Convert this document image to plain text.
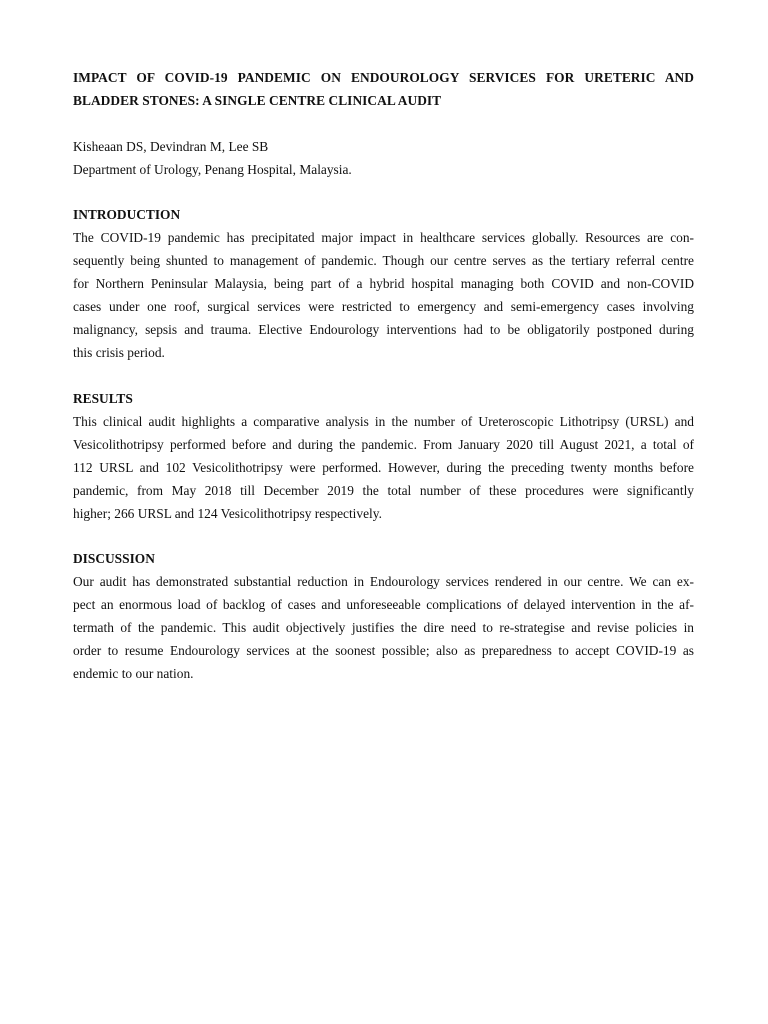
IMPACT OF COVID-19 PANDEMIC ON ENDOUROLOGY SERVICES FOR URETERIC AND
BLADDER STONES: A SINGLE CENTRE CLINICAL AUDIT
Kisheaan DS, Devindran M, Lee SB
Department of Urology, Penang Hospital, Malaysia.
INTRODUCTION

The COVID-19 pandemic has precipitated major impact in healthcare services globally. Resources are con-
sequently being shunted to management of pandemic. Though our centre serves as the tertiary referral centre
for Northern Peninsular Malaysia, being part of a hybrid hospital managing both COVID and non-COVID
cases under one roof, surgical services were restricted to emergency and semi-emergency cases involving
malignancy, sepsis and trauma. Elective Endourology interventions had to be obligatorily postponed during
this crisis period.

RESULTS

This clinical audit highlights a comparative analysis in the number of Ureteroscopic Lithotripsy (URSL) and
Vesicolithotripsy performed before and during the pandemic. From January 2020 till August 2021, a total of
112 URSL and 102 Vesicolithotripsy were performed. However, during the preceding twenty months before
pandemic, from May 2018 till December 2019 the total number of these procedures were significantly
higher; 266 URSL and 124 Vesicolithotripsy respectively.

DISCUSSION

Our audit has demonstrated substantial reduction in Endourology services rendered in our centre. We can ex-
pect an enormous load of backlog of cases and unforeseeable complications of delayed intervention in the af-
termath of the pandemic. This audit objectively justifies the dire need to re-strategise and revise policies in
order to resume Endourology services at the soonest possible; also as preparedness to accept COVID-19 as
endemic to our nation.
